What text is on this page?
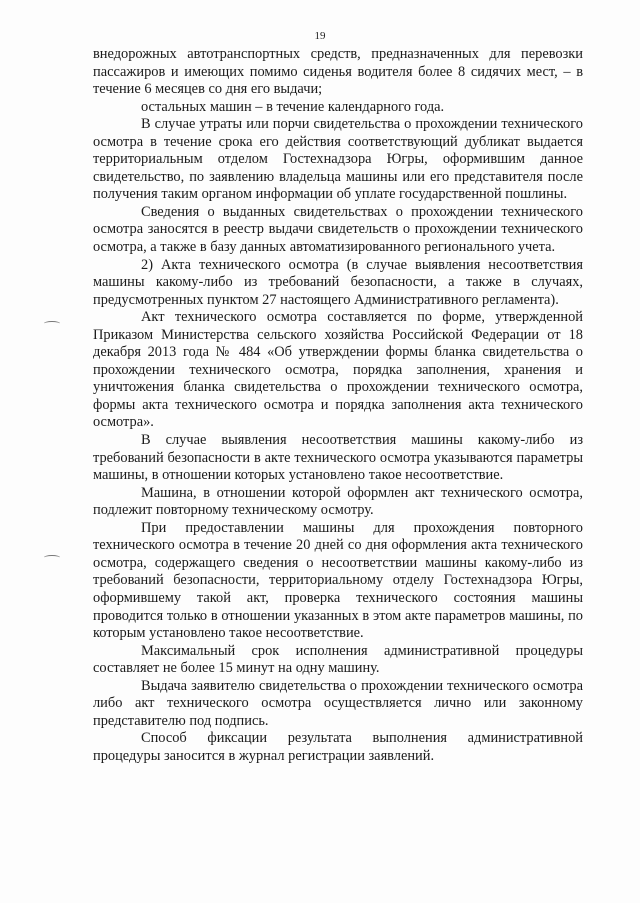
19

внедорожных автотранспортных средств, предназначенных для перевозки пассажиров и имеющих помимо сиденья водителя более 8 сидячих мест, – в течение 6 месяцев со дня его выдачи;

остальных машин – в течение календарного года.

В случае утраты или порчи свидетельства о прохождении технического осмотра в течение срока его действия соответствующий дубликат выдается территориальным отделом Гостехнадзора Югры, оформившим данное свидетельство, по заявлению владельца машины или его представителя после получения таким органом информации об уплате государственной пошлины.

Сведения о выданных свидетельствах о прохождении технического осмотра заносятся в реестр выдачи свидетельств о прохождении технического осмотра, а также в базу данных автоматизированного регионального учета.

2) Акта технического осмотра (в случае выявления несоответствия машины какому-либо из требований безопасности, а также в случаях, предусмотренных пунктом 27 настоящего Административного регламента).

Акт технического осмотра составляется по форме, утвержденной Приказом Министерства сельского хозяйства Российской Федерации от 18 декабря 2013 года № 484 «Об утверждении формы бланка свидетельства о прохождении технического осмотра, порядка заполнения, хранения и уничтожения бланка свидетельства о прохождении технического осмотра, формы акта технического осмотра и порядка заполнения акта технического осмотра».

В случае выявления несоответствия машины какому-либо из требований безопасности в акте технического осмотра указываются параметры машины, в отношении которых установлено такое несоответствие.

Машина, в отношении которой оформлен акт технического осмотра, подлежит повторному техническому осмотру.

При предоставлении машины для прохождения повторного технического осмотра в течение 20 дней со дня оформления акта технического осмотра, содержащего сведения о несоответствии машины какому-либо из требований безопасности, территориальному отделу Гостехнадзора Югры, оформившему такой акт, проверка технического состояния машины проводится только в отношении указанных в этом акте параметров машины, по которым установлено такое несоответствие.

Максимальный срок исполнения административной процедуры составляет не более 15 минут на одну машину.

Выдача заявителю свидетельства о прохождении технического осмотра либо акт технического осмотра осуществляется лично или законному представителю под подпись.

Способ фиксации результата выполнения административной процедуры заносится в журнал регистрации заявлений.
